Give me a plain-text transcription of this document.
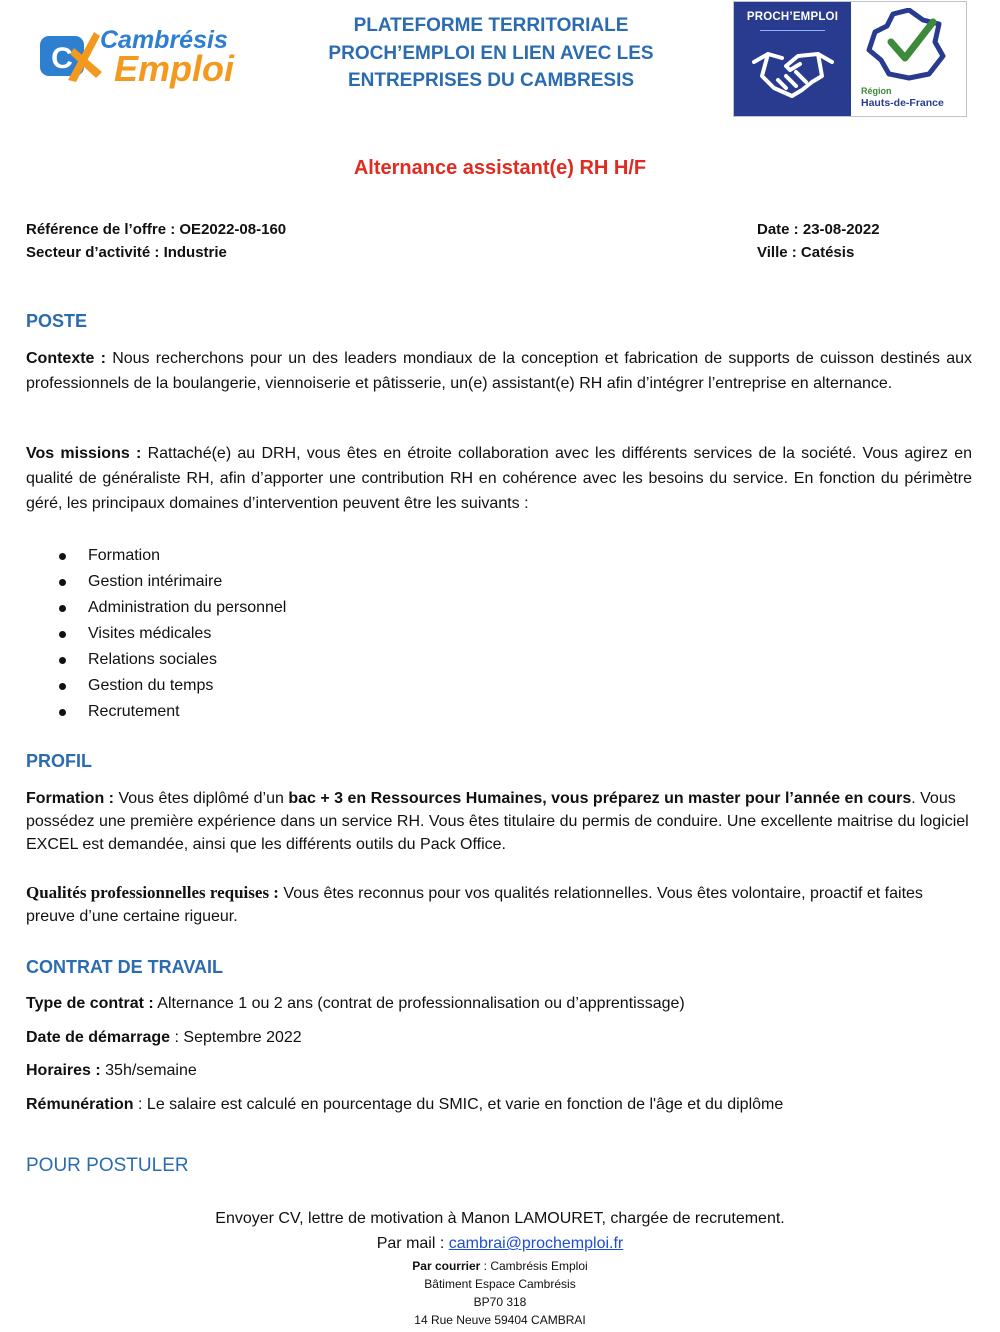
C
Cambrésis
Emploi
PLATEFORME TERRITORIALE
PROCH’EMPLOI EN LIEN AVEC LES
ENTREPRISES DU CAMBRESIS
PROCH’EMPLOI
Région
Hauts-de-France
Alternance assistant(e) RH H/F
Référence de l’offre : OE2022-08-160
Secteur d’activité : Industrie
Date : 23-08-2022
Ville : Catésis
POSTE
Contexte : Nous recherchons pour un des leaders mondiaux de la conception et fabrication de supports de cuisson destinés aux professionnels de la boulangerie, viennoiserie et pâtisserie, un(e) assistant(e) RH afin d’intégrer l’entreprise en alternance.
Vos missions : Rattaché(e) au DRH, vous êtes en étroite collaboration avec les différents services de la société. Vous agirez en qualité de généraliste RH, afin d’apporter une contribution RH en cohérence avec les besoins du service. En fonction du périmètre géré, les principaux domaines d’intervention peuvent être les suivants :
Formation
Gestion intérimaire
Administration du personnel
Visites médicales
Relations sociales
Gestion du temps
Recrutement
PROFIL
Formation : Vous êtes diplômé d’un bac + 3 en Ressources Humaines, vous préparez un master pour l’année en cours. Vous possédez une première expérience dans un service RH. Vous êtes titulaire du permis de conduire. Une excellente maitrise du logiciel EXCEL est demandée, ainsi que les différents outils du Pack Office.
Qualités professionnelles requises : Vous êtes reconnus pour vos qualités relationnelles. Vous êtes volontaire, proactif et faites preuve d’une certaine rigueur.
CONTRAT DE TRAVAIL
Type de contrat : Alternance 1 ou 2 ans (contrat de professionnalisation ou d’apprentissage)
Date de démarrage : Septembre 2022
Horaires : 35h/semaine
Rémunération : Le salaire est calculé en pourcentage du SMIC, et varie en fonction de l'âge et du diplôme
POUR POSTULER
Envoyer CV, lettre de motivation à Manon LAMOURET, chargée de recrutement.
Par mail : cambrai@prochemploi.fr
Par courrier : Cambrésis Emploi
Bâtiment Espace Cambrésis
BP70 318
14 Rue Neuve 59404 CAMBRAI
